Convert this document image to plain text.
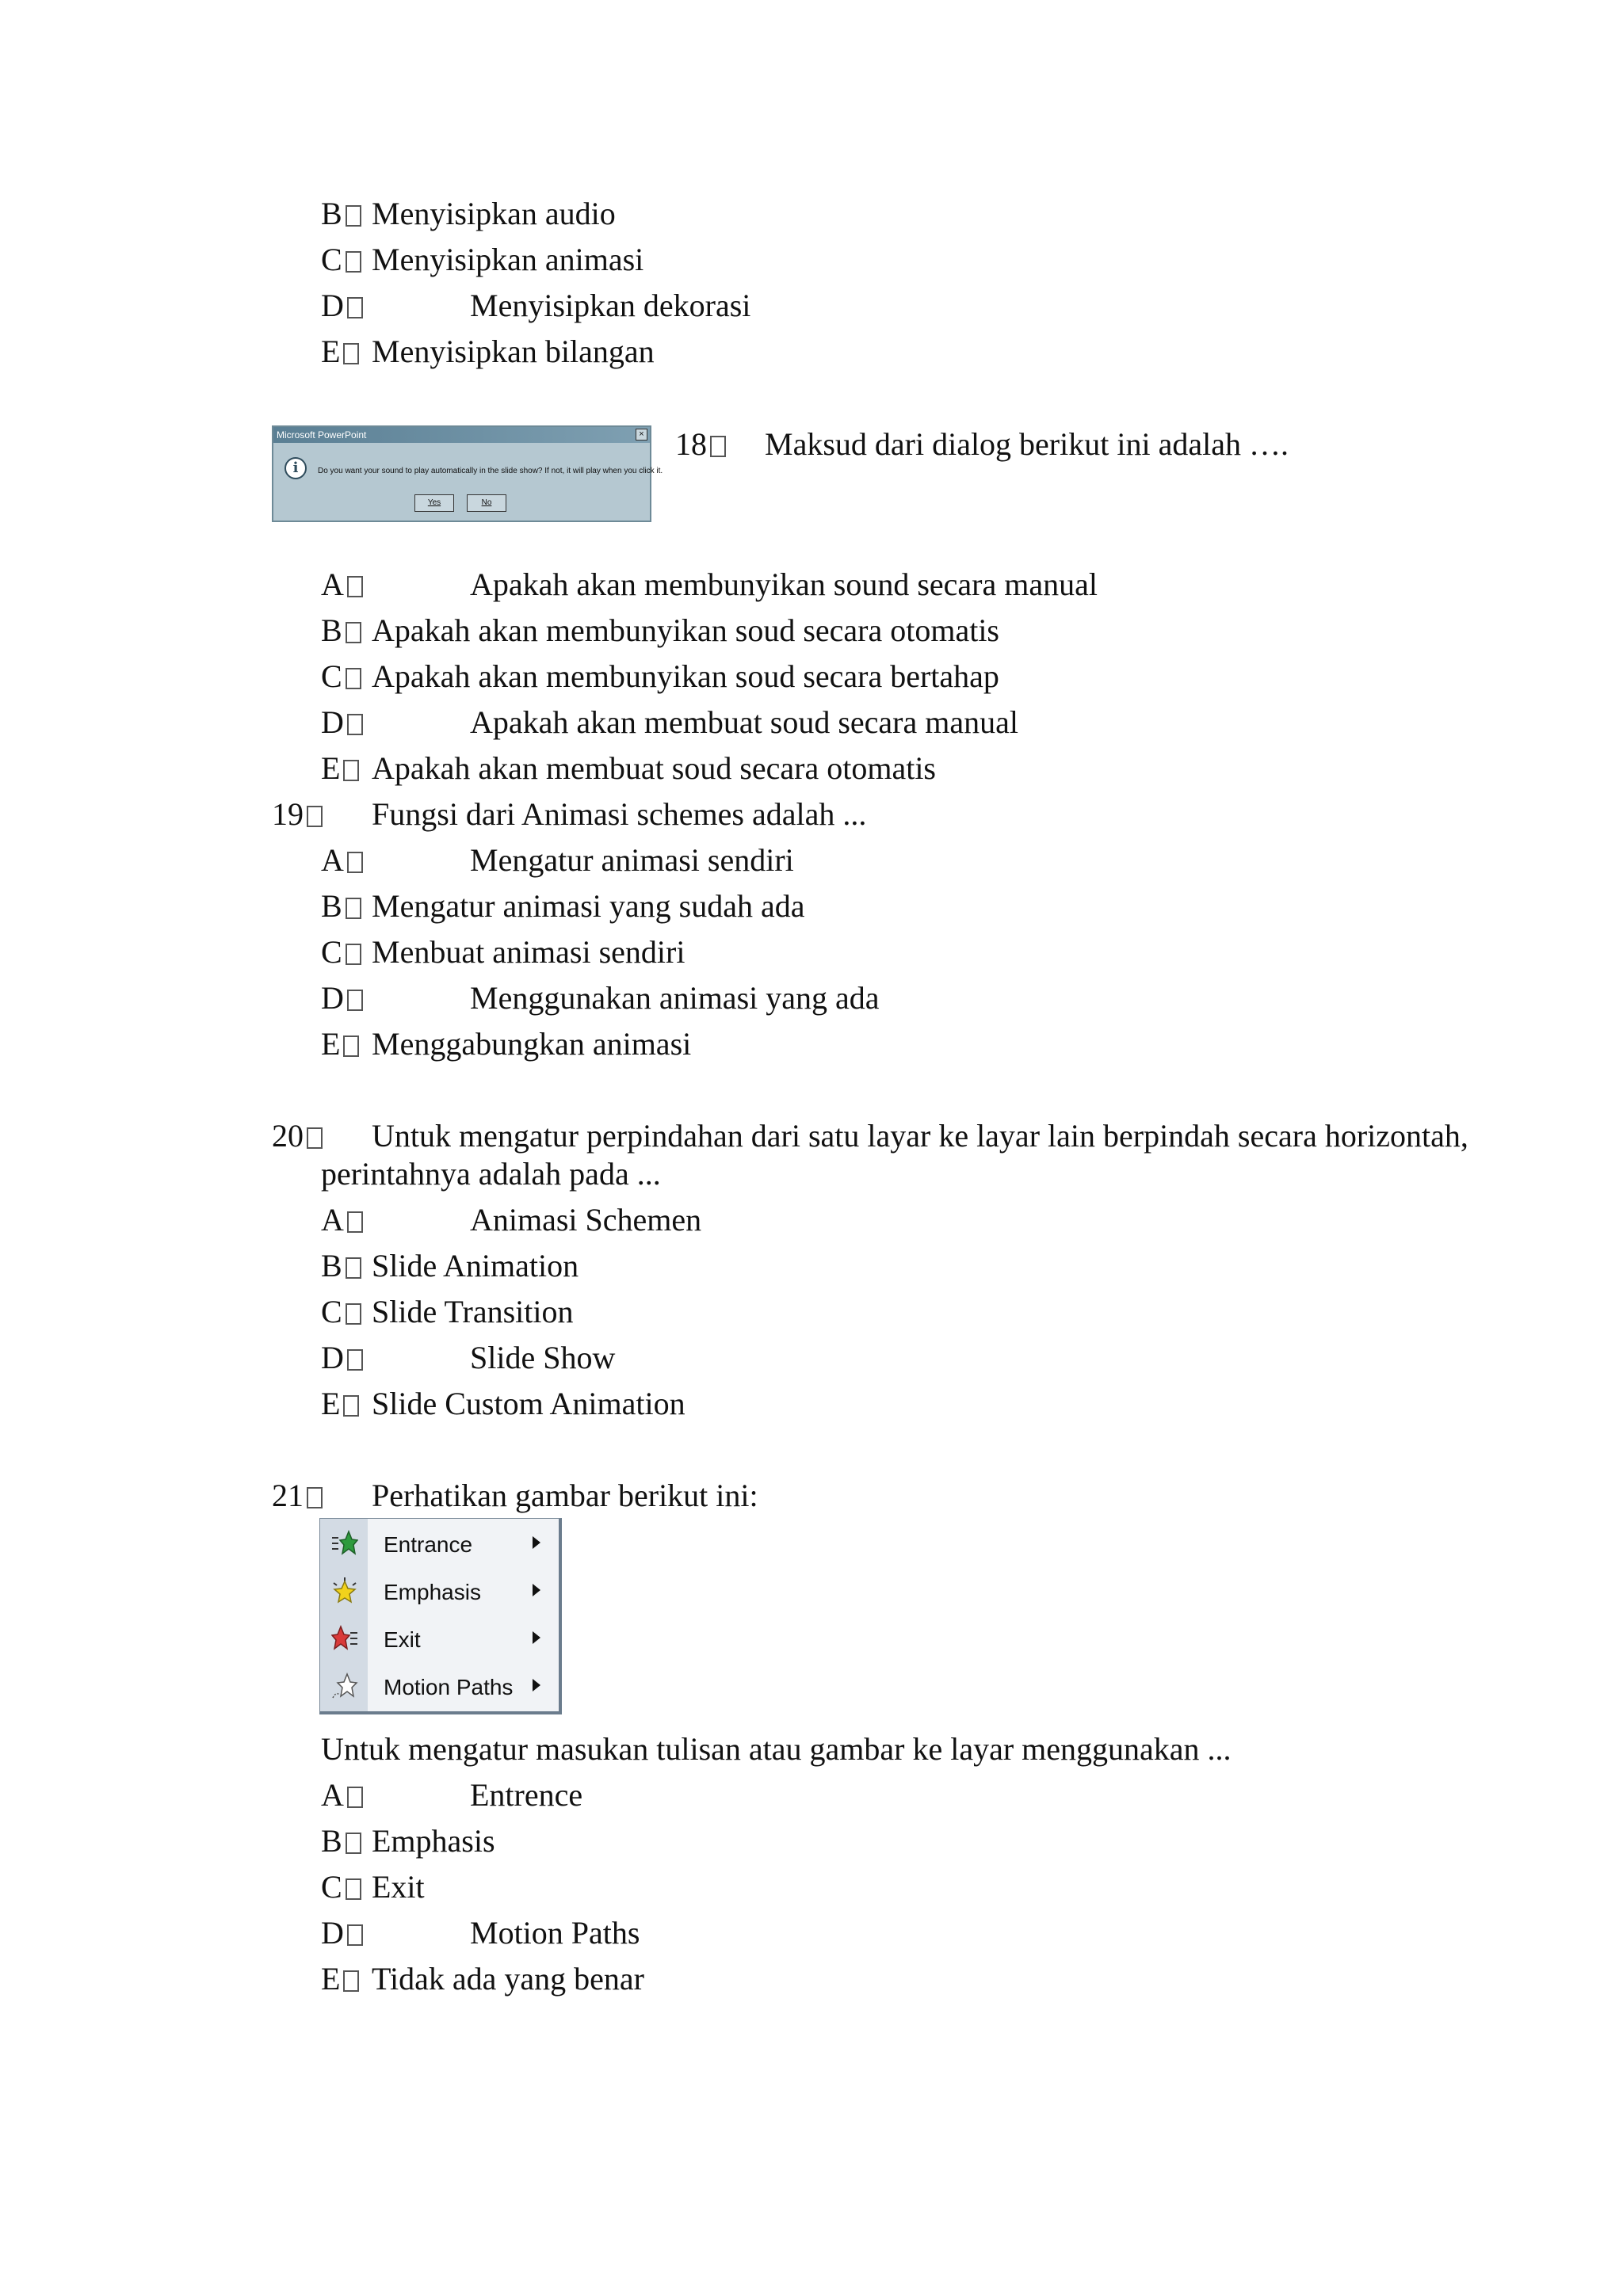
B Menyisipkan audio
C Menyisipkan animasi
D	Menyisipkan dekorasi
E Menyisipkan bilangan
Microsoft PowerPoint	×
i	Do you want your sound to play automatically in the slide show? If not, it will play when you click it.
Yes	No
18	Maksud dari dialog berikut ini adalah ….
A	Apakah akan membunyikan sound secara manual
B Apakah akan membunyikan soud secara otomatis
C Apakah akan membunyikan soud secara bertahap
D	Apakah akan membuat soud secara manual
E Apakah akan membuat soud secara otomatis
19	Fungsi dari Animasi schemes adalah ...
A	Mengatur animasi sendiri
B Mengatur animasi yang sudah ada
C Menbuat animasi sendiri
D	Menggunakan animasi yang ada
E Menggabungkan animasi
20	Untuk mengatur perpindahan dari satu layar ke layar lain berpindah secara horizontah,
perintahnya adalah pada ...
A	Animasi Schemen
B Slide Animation
C Slide Transition
D	Slide Show
E Slide Custom Animation
21	Perhatikan gambar berikut ini:
Entrance
Emphasis
Exit
Motion Paths
Untuk mengatur masukan tulisan atau gambar ke layar menggunakan ...
A	Entrence
B Emphasis
C Exit
D	Motion Paths
E Tidak ada yang benar
